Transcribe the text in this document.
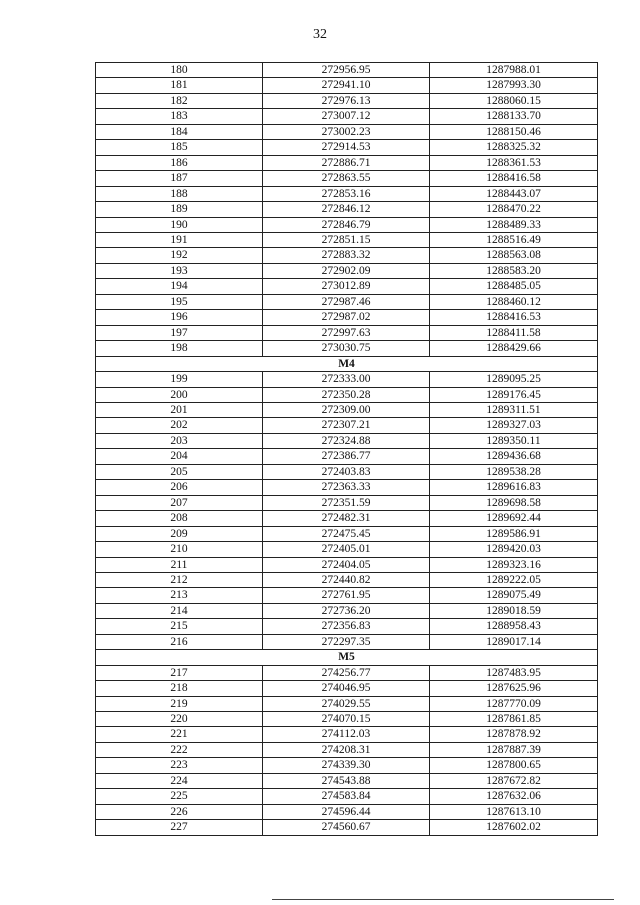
32
180	272956.95	1287988.01
181	272941.10	1287993.30
182	272976.13	1288060.15
183	273007.12	1288133.70
184	273002.23	1288150.46
185	272914.53	1288325.32
186	272886.71	1288361.53
187	272863.55	1288416.58
188	272853.16	1288443.07
189	272846.12	1288470.22
190	272846.79	1288489.33
191	272851.15	1288516.49
192	272883.32	1288563.08
193	272902.09	1288583.20
194	273012.89	1288485.05
195	272987.46	1288460.12
196	272987.02	1288416.53
197	272997.63	1288411.58
198	273030.75	1288429.66
M4		
199	272333.00	1289095.25
200	272350.28	1289176.45
201	272309.00	1289311.51
202	272307.21	1289327.03
203	272324.88	1289350.11
204	272386.77	1289436.68
205	272403.83	1289538.28
206	272363.33	1289616.83
207	272351.59	1289698.58
208	272482.31	1289692.44
209	272475.45	1289586.91
210	272405.01	1289420.03
211	272404.05	1289323.16
212	272440.82	1289222.05
213	272761.95	1289075.49
214	272736.20	1289018.59
215	272356.83	1288958.43
216	272297.35	1289017.14
M5		
217	274256.77	1287483.95
218	274046.95	1287625.96
219	274029.55	1287770.09
220	274070.15	1287861.85
221	274112.03	1287878.92
222	274208.31	1287887.39
223	274339.30	1287800.65
224	274543.88	1287672.82
225	274583.84	1287632.06
226	274596.44	1287613.10
227	274560.67	1287602.02
